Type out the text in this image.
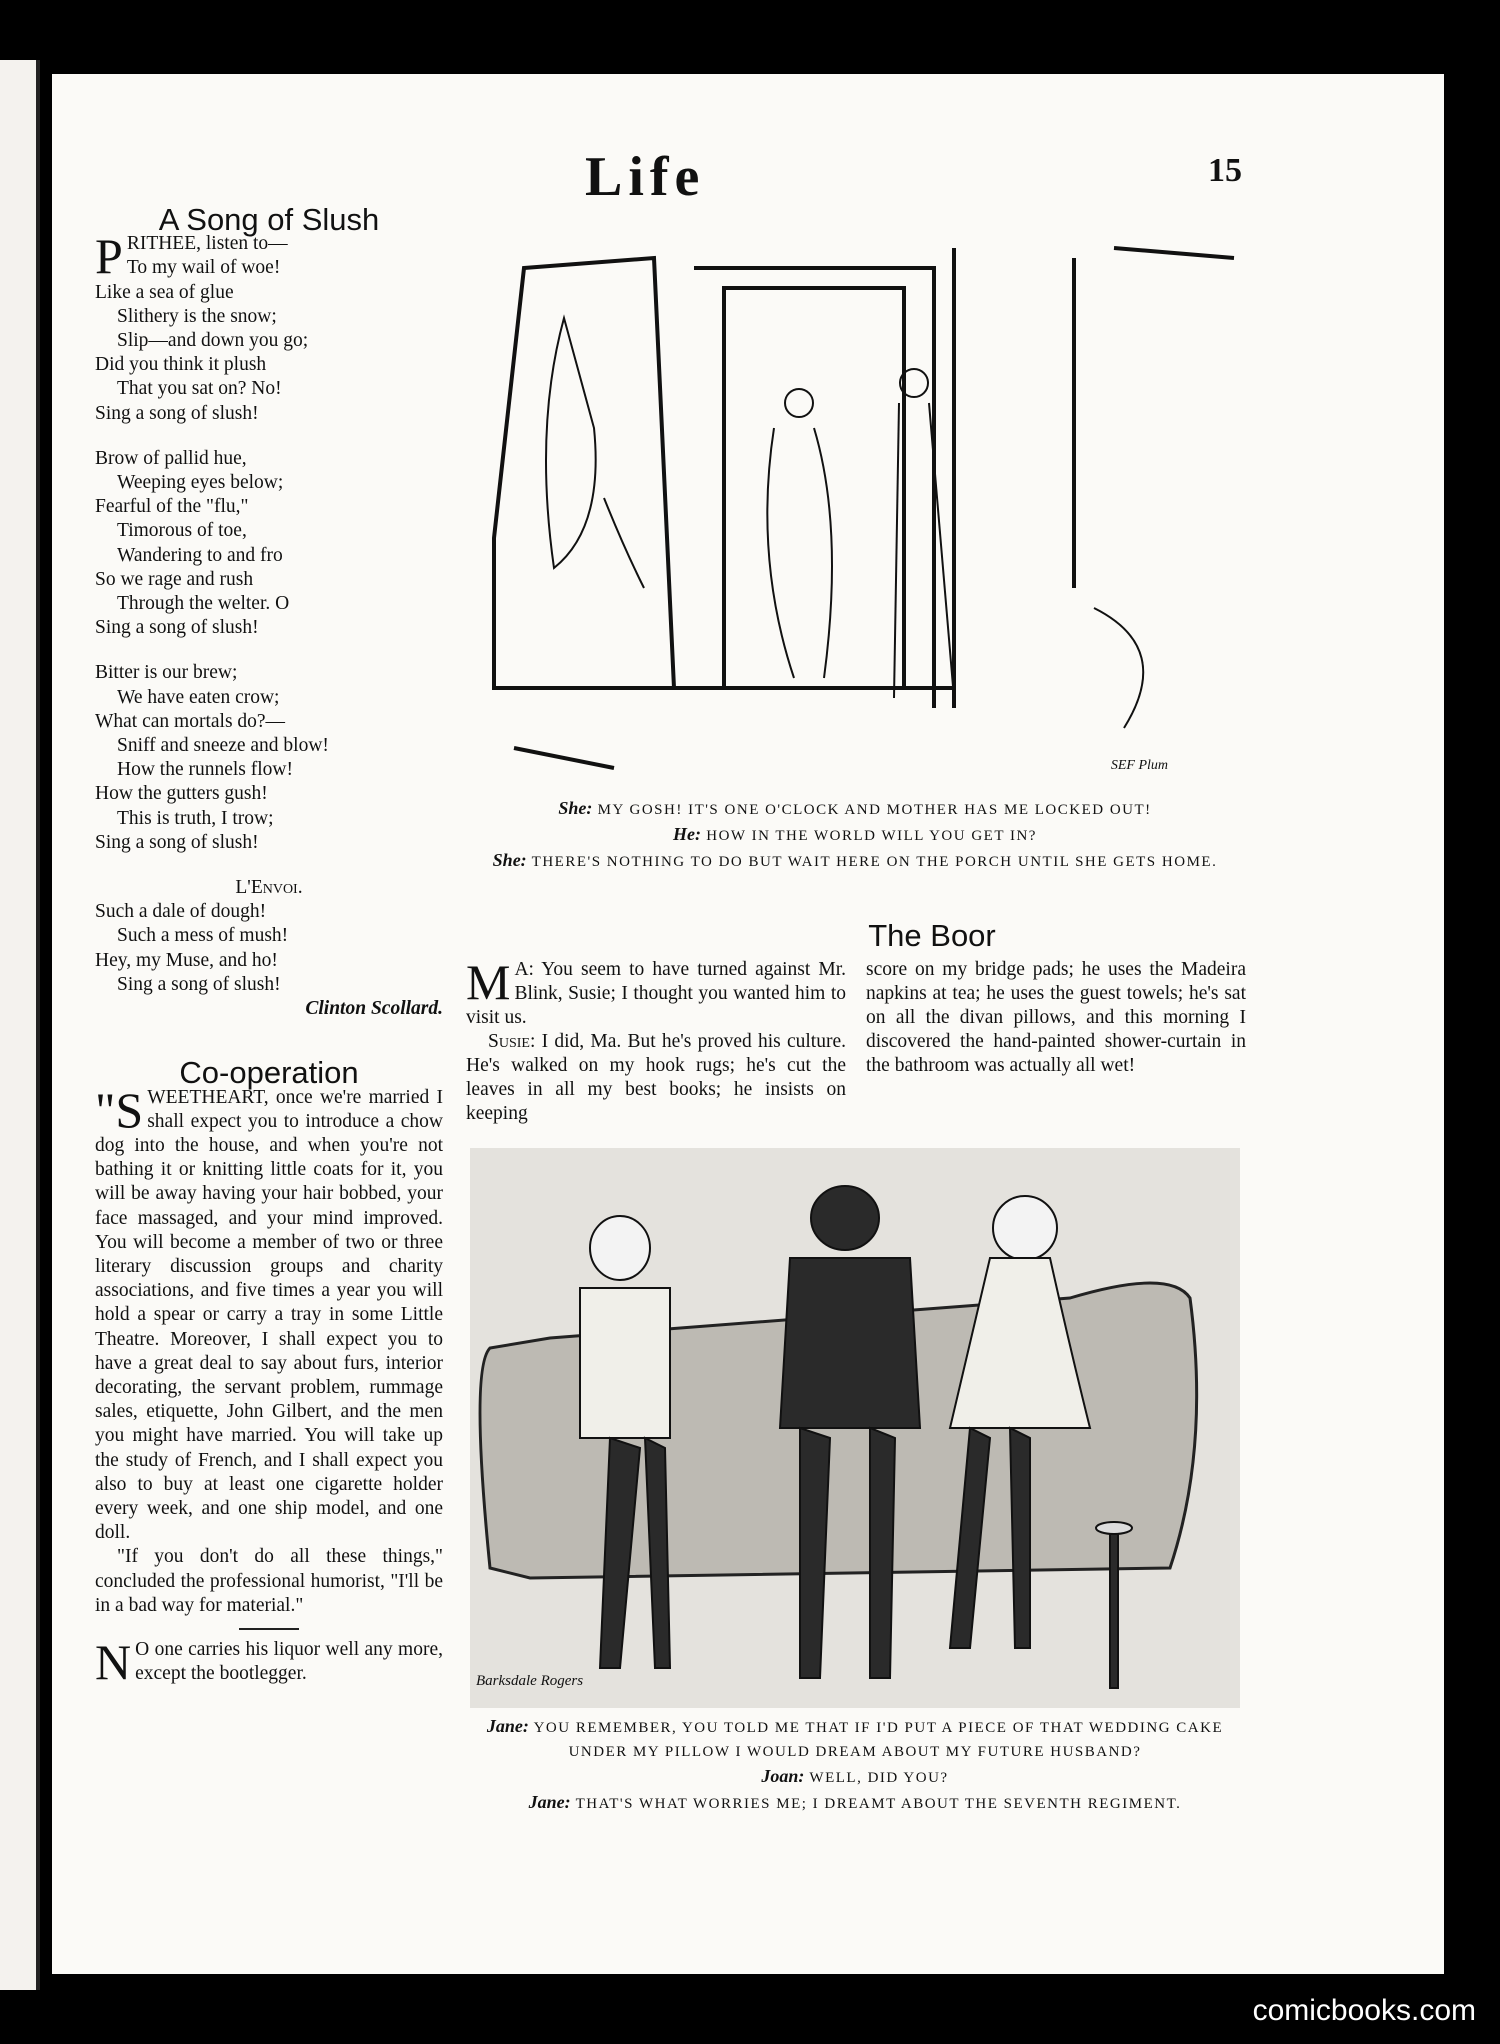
Life	15
A Song of Slush
P RITHEE, listen to—

To my wail of woe!

Like a sea of glue

Slithery is the snow;

Slip—and down you go;

Did you think it plush

That you sat on? No!

Sing a song of slush!

Brow of pallid hue,

Weeping eyes below;

Fearful of the "flu,"

Timorous of toe,

Wandering to and fro

So we rage and rush

Through the welter. O

Sing a song of slush!

Bitter is our brew;

We have eaten crow;

What can mortals do?—

Sniff and sneeze and blow!

How the runnels flow!

How the gutters gush!

This is truth, I trow;

Sing a song of slush!

L'Envoi.

Such a dale of dough!

Such a mess of mush!

Hey, my Muse, and ho!

Sing a song of slush!

Clinton Scollard.

Co-operation

"SWEETHEART, once we're married I shall expect you to introduce a chow dog into the house, and when you're not bathing it or knitting little coats for it, you will be away having your hair bobbed, your face massaged, and your mind improved. You will become a member of two or three literary discussion groups and charity associations, and five times a year you will hold a spear or carry a tray in some Little Theatre. Moreover, I shall expect you to have a great deal to say about furs, interior decorating, the servant problem, rummage sales, etiquette, John Gilbert, and the men you might have married. You will take up the study of French, and I shall expect you also to buy at least one cigarette holder every week, and one ship model, and one doll.

"If you don't do all these things," concluded the professional humorist, "I'll be in a bad way for material."

N O one carries his liquor well any more, except the bootlegger.

SEF Plum
She: MY GOSH! IT'S ONE O'CLOCK AND MOTHER HAS ME LOCKED OUT!
He: HOW IN THE WORLD WILL YOU GET IN?
She: THERE'S NOTHING TO DO BUT WAIT HERE ON THE PORCH UNTIL SHE GETS HOME.
The Boor

M A: You seem to have turned against Mr. Blink, Susie; I thought you wanted him to visit us.

Susie: I did, Ma. But he's proved his culture. He's walked on my hook rugs; he's cut the leaves in all my best books; he insists on keeping

score on my bridge pads; he uses the Madeira napkins at tea; he uses the guest towels; he's sat on all the divan pillows, and this morning I discovered the hand-painted shower-curtain in the bathroom was actually all wet!

Barksdale Rogers
Jane: YOU REMEMBER, YOU TOLD ME THAT IF I'D PUT A PIECE OF THAT WEDDING CAKE UNDER MY PILLOW I WOULD DREAM ABOUT MY FUTURE HUSBAND?
Joan: WELL, DID YOU?
Jane: THAT'S WHAT WORRIES ME; I DREAMT ABOUT THE SEVENTH REGIMENT.
comicbooks.com
